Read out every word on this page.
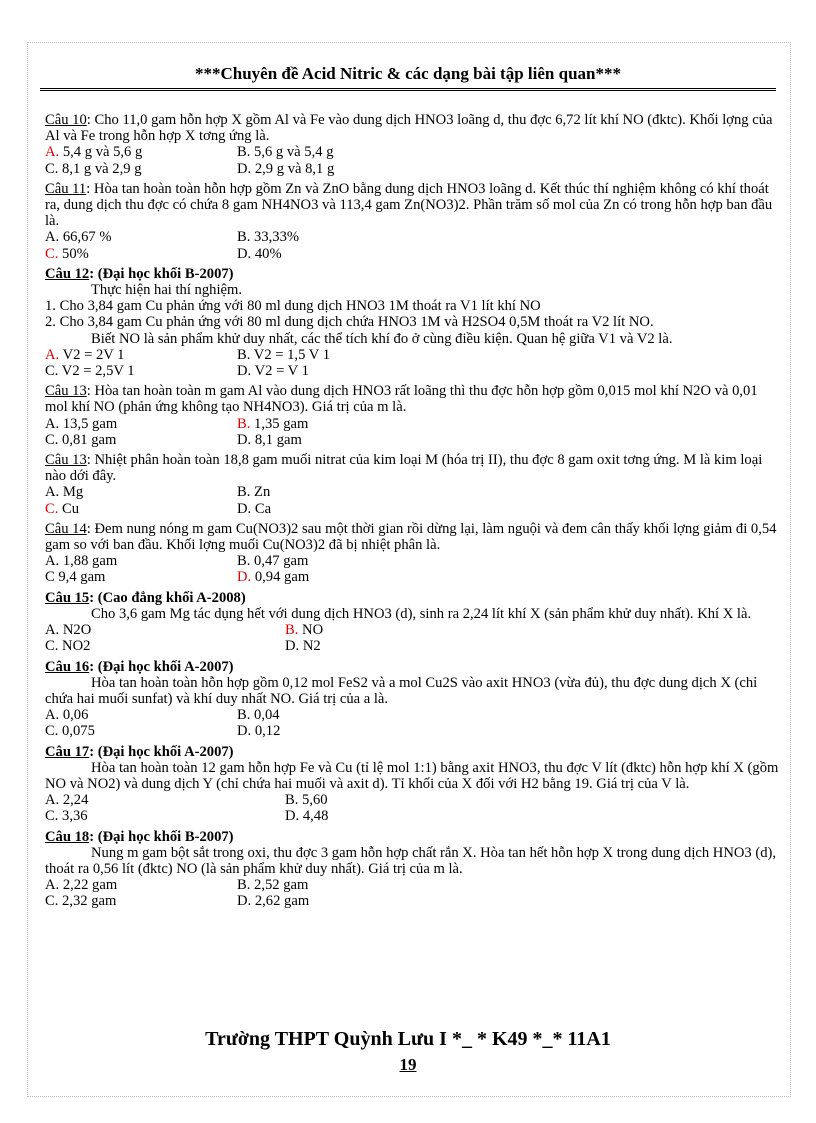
***Chuyên đề Acid Nitric & các dạng bài tập liên quan***

Câu 10: Cho 11,0 gam hỗn hợp X gồm Al và Fe vào dung dịch HNO3 loãng d, thu đợc 6,72 lít khí NO (đktc). Khối lợng của Al và Fe trong hỗn hợp X tơng ứng là.

A. 5,4 g và 5,6 g	B. 5,6 g và 5,4 g
C. 8,1 g và 2,9 g	D. 2,9 g và 8,1 g

Câu 11: Hòa tan hoàn toàn hỗn hợp gồm Zn và ZnO bằng dung dịch HNO3 loãng d. Kết thúc thí nghiệm không có khí thoát ra, dung dịch thu đợc có chứa 8 gam NH4NO3 và 113,4 gam Zn(NO3)2. Phần trăm số mol của Zn có trong hỗn hợp ban đầu là.

A. 66,67 %	B. 33,33%
C. 50%	D. 40%

Câu 12: (Đại học khối B-2007)

Thực hiện hai thí nghiệm.

1. Cho 3,84 gam Cu phản ứng với 80 ml dung dịch HNO3 1M thoát ra V1 lít khí NO

2. Cho 3,84 gam Cu phản ứng với 80 ml dung dịch chứa HNO3 1M và H2SO4 0,5M thoát ra V2 lít NO.

Biết NO là sản phẩm khử duy nhất, các thể tích khí đo ở cùng điều kiện. Quan hệ giữa V1 và V2 là.

A. V2 = 2V 1	B. V2 = 1,5 V 1
C. V2 = 2,5V 1	D. V2 = V 1

Câu 13: Hòa tan hoàn toàn m gam Al vào dung dịch HNO3 rất loãng thì thu đợc hỗn hợp gồm 0,015 mol khí N2O và 0,01 mol khí NO (phản ứng không tạo NH4NO3). Giá trị của m là.

A. 13,5 gam	B. 1,35 gam
C. 0,81 gam	D. 8,1 gam

Câu 13: Nhiệt phân hoàn toàn 18,8 gam muối nitrat của kim loại M (hóa trị II), thu đợc 8 gam oxit tơng ứng. M là kim loại nào dới đây.

A. Mg	B. Zn
C. Cu	D. Ca

Câu 14: Đem nung nóng m gam Cu(NO3)2 sau một thời gian rồi dừng lại, làm nguội và đem cân thấy khối lợng giảm đi 0,54 gam so với ban đầu. Khối lợng muối Cu(NO3)2 đã bị nhiệt phân là.

A. 1,88 gam	B. 0,47 gam
C 9,4 gam	D. 0,94 gam

Câu 15: (Cao đẳng khối A-2008)

Cho 3,6 gam Mg tác dụng hết với dung dịch HNO3 (d), sinh ra 2,24 lít khí X (sản phẩm khử duy nhất). Khí X là.

A. N2O	B. NO
C. NO2	D. N2

Câu 16: (Đại học khối A-2007)

Hòa tan hoàn toàn hỗn hợp gồm 0,12 mol FeS2 và a mol Cu2S vào axit HNO3 (vừa đủ), thu đợc dung dịch X (chỉ chứa hai muối sunfat) và khí duy nhất NO. Giá trị của a là.

A. 0,06	B. 0,04
C. 0,075	D. 0,12

Câu 17: (Đại học khối A-2007)

Hòa tan hoàn toàn 12 gam hỗn hợp Fe và Cu (tỉ lệ mol 1:1) bằng axit HNO3, thu đợc V lít (đktc) hỗn hợp khí X (gồm NO và NO2) và dung dịch Y (chỉ chứa hai muối và axit d). Tỉ khối của X đối với H2 bằng 19. Giá trị của V là.

A. 2,24	B. 5,60
C. 3,36	D. 4,48

Câu 18: (Đại học khối B-2007)

Nung m gam bột sắt trong oxi, thu đợc 3 gam hỗn hợp chất rắn X. Hòa tan hết hỗn hợp X trong dung dịch HNO3 (d), thoát ra 0,56 lít (đktc) NO (là sản phẩm khử duy nhất). Giá trị của m là.

A. 2,22 gam	B. 2,52 gam
C. 2,32 gam	D. 2,62 gam
Trường THPT Quỳnh Lưu I *_ * K49 *_* 11A1
19
